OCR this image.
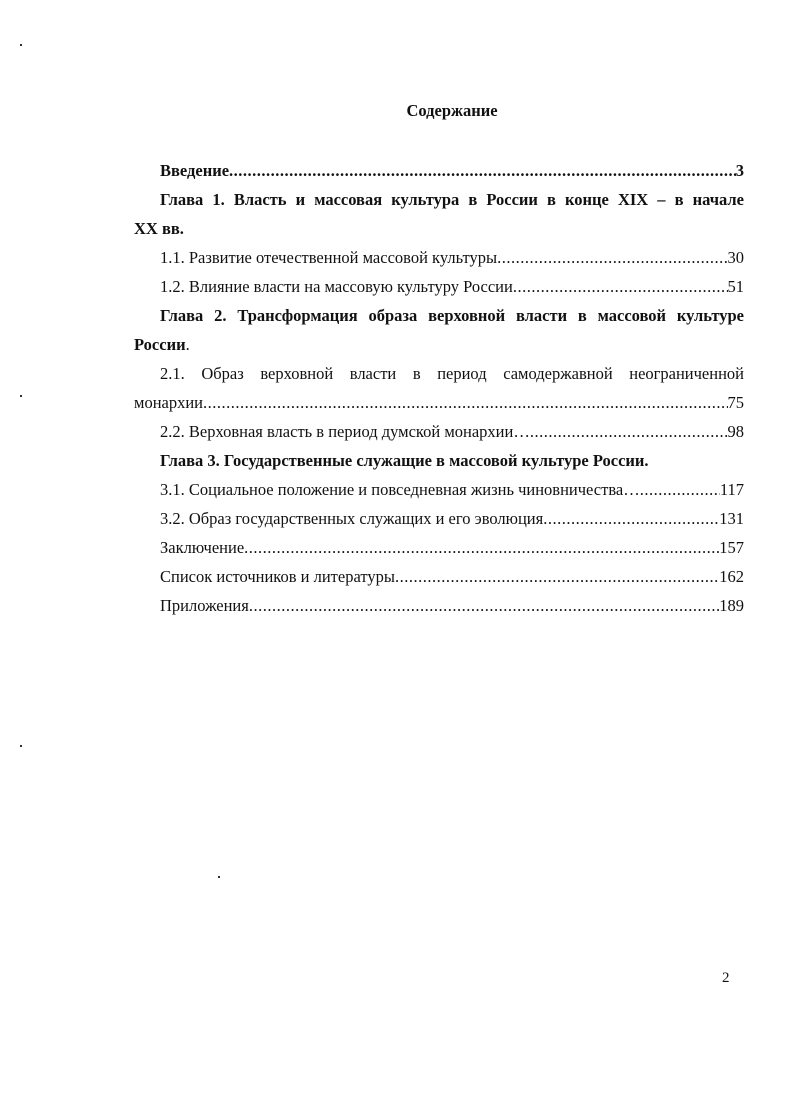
Содержание
Введение .....	3
Глава 1. Власть и массовая культура в России в конце XIX – в начале
XX вв.
1.1. Развитие отечественной массовой культуры .....	30
1.2. Влияние власти на массовую культуру России .....	51
Глава 2. Трансформация образа верховной власти в массовой культуре
России.
2.1. Образ верховной власти в период самодержавной неограниченной
монархии .....	75
2.2. Верховная власть в период думской монархии… .....	98
Глава 3. Государственные служащие в массовой культуре России.
3.1. Социальное положение и повседневная жизнь чиновничества… .....	117
3.2. Образ государственных служащих и его эволюция .....	131
Заключение .....	157
Список источников и литературы .....	162
Приложения .....	189
2
